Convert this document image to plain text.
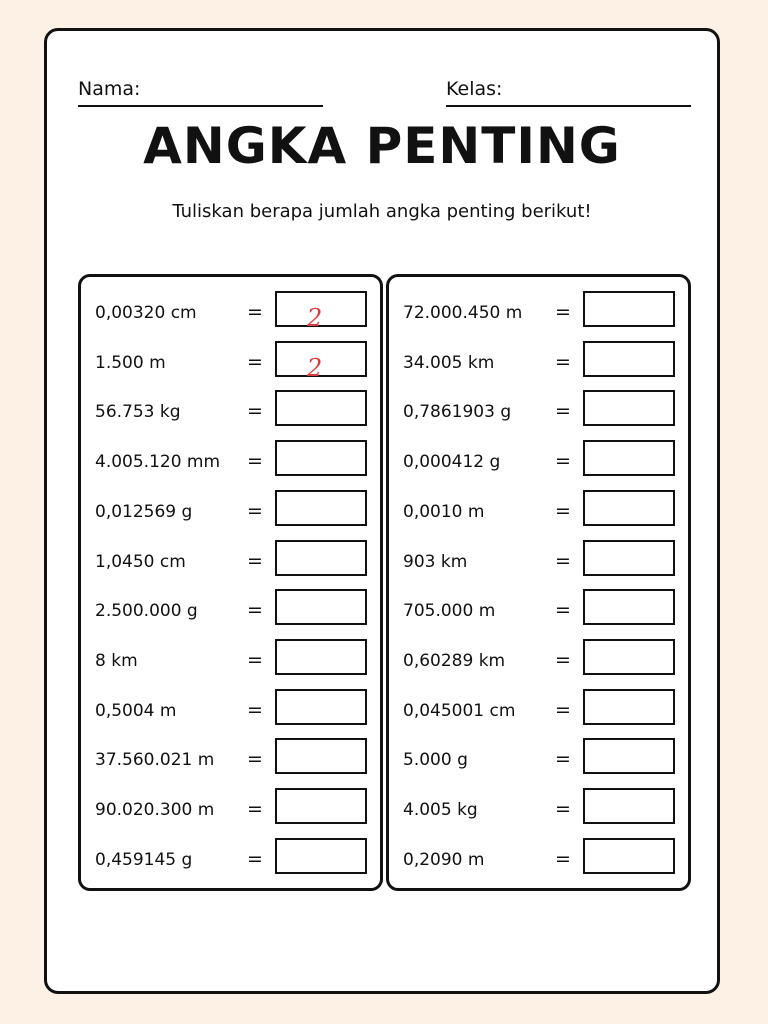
Nama:	Kelas:
ANGKA PENTING
Tuliskan berapa jumlah angka penting berikut!
0,00320 cm	= 2
1.500 m	= 2
56.753 kg	=
4.005.120 mm =
0,012569 g	=
1,0450 cm	=
2.500.000 g	=
8 km	=
0,5004 m	=
37.560.021 m =
90.020.300 m =
0,459145 g	=
72.000.450 m =
34.005 km	=
0,7861903 g =
0,000412 g	=
0,0010 m	=
903 km	=
705.000 m	=
0,60289 km	=
0,045001 cm =
5.000 g	=
4.005 kg	=
0,2090 m	=
